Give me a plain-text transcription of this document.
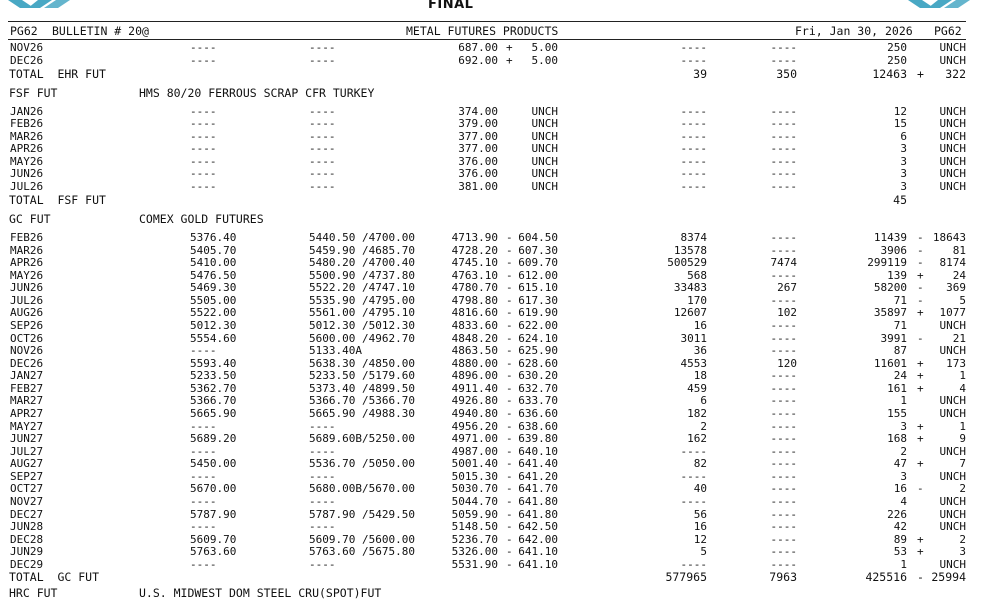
FINAL
PG62 BULLETIN # 20@	METAL FUTURES PRODUCTS	Fri, Jan 30, 2026 PG62
NOV26	----	----	687.00 +	5.00	----	----	250	UNCH
DEC26	----	----	692.00 +	5.00	----	----	250	UNCH
TOTAL  EHR FUT	39	350	12463 +	322
FSF FUT	HMS 80/20 FERROUS SCRAP CFR TURKEY
JAN26	----	----	374.00	UNCH	----	----	12	UNCH
FEB26	----	----	379.00	UNCH	----	----	15	UNCH
MAR26	----	----	377.00	UNCH	----	----	6	UNCH
APR26	----	----	377.00	UNCH	----	----	3	UNCH
MAY26	----	----	376.00	UNCH	----	----	3	UNCH
JUN26	----	----	376.00	UNCH	----	----	3	UNCH
JUL26	----	----	381.00	UNCH	----	----	3	UNCH
TOTAL  FSF FUT	45
GC FUT	COMEX GOLD FUTURES
FEB26	5376.40	5440.50 /4700.00	4713.90 - 604.50	8374	----	11439 - 18643
MAR26	5405.70	5459.90 /4685.70	4728.20 - 607.30	13578	----	3906 -	81
APR26	5410.00	5480.20 /4700.40	4745.10 - 609.70	500529	7474	299119 -	8174
MAY26	5476.50	5500.90 /4737.80	4763.10 - 612.00	568	----	139 +	24
JUN26	5469.30	5522.20 /4747.10	4780.70 - 615.10	33483	267	58200 -	369
JUL26	5505.00	5535.90 /4795.00	4798.80 - 617.30	170	----	71 -	5
AUG26	5522.00	5561.00 /4795.10	4816.60 - 619.90	12607	102	35897 +	1077
SEP26	5012.30	5012.30 /5012.30	4833.60 - 622.00	16	----	71	UNCH
OCT26	5554.60	5600.00 /4962.70	4848.20 - 624.10	3011	----	3991 -	21
NOV26	----	5133.40A	4863.50 - 625.90	36	----	87	UNCH
DEC26	5593.40	5638.30 /4850.00	4880.00 - 628.60	4553	120	11601 +	173
JAN27	5233.50	5233.50 /5179.60	4896.00 - 630.20	18	----	24 +	1
FEB27	5362.70	5373.40 /4899.50	4911.40 - 632.70	459	----	161 +	4
MAR27	5366.70	5366.70 /5366.70	4926.80 - 633.70	6	----	1	UNCH
APR27	5665.90	5665.90 /4988.30	4940.80 - 636.60	182	----	155	UNCH
MAY27	----	----	4956.20 - 638.60	2	----	3 +	1
JUN27	5689.20	5689.60B/5250.00	4971.00 - 639.80	162	----	168 +	9
JUL27	----	----	4987.00 - 640.10	----	----	2	UNCH
AUG27	5450.00	5536.70 /5050.00	5001.40 - 641.40	82	----	47 +	7
SEP27	----	----	5015.30 - 641.20	----	----	3	UNCH
OCT27	5670.00	5680.00B/5670.00	5030.70 - 641.70	40	----	16 -	2
NOV27	----	----	5044.70 - 641.80	----	----	4	UNCH
DEC27	5787.90	5787.90 /5429.50	5059.90 - 641.80	56	----	226	UNCH
JUN28	----	----	5148.50 - 642.50	16	----	42	UNCH
DEC28	5609.70	5609.70 /5600.00	5236.70 - 642.00	12	----	89 +	2
JUN29	5763.60	5763.60 /5675.80	5326.00 - 641.10	5	----	53 +	3
DEC29	----	----	5531.90 - 641.10	----	----	1	UNCH
TOTAL  GC FUT	577965	7963	425516 - 25994
HRC FUT	U.S. MIDWEST DOM STEEL CRU(SPOT)FUT
